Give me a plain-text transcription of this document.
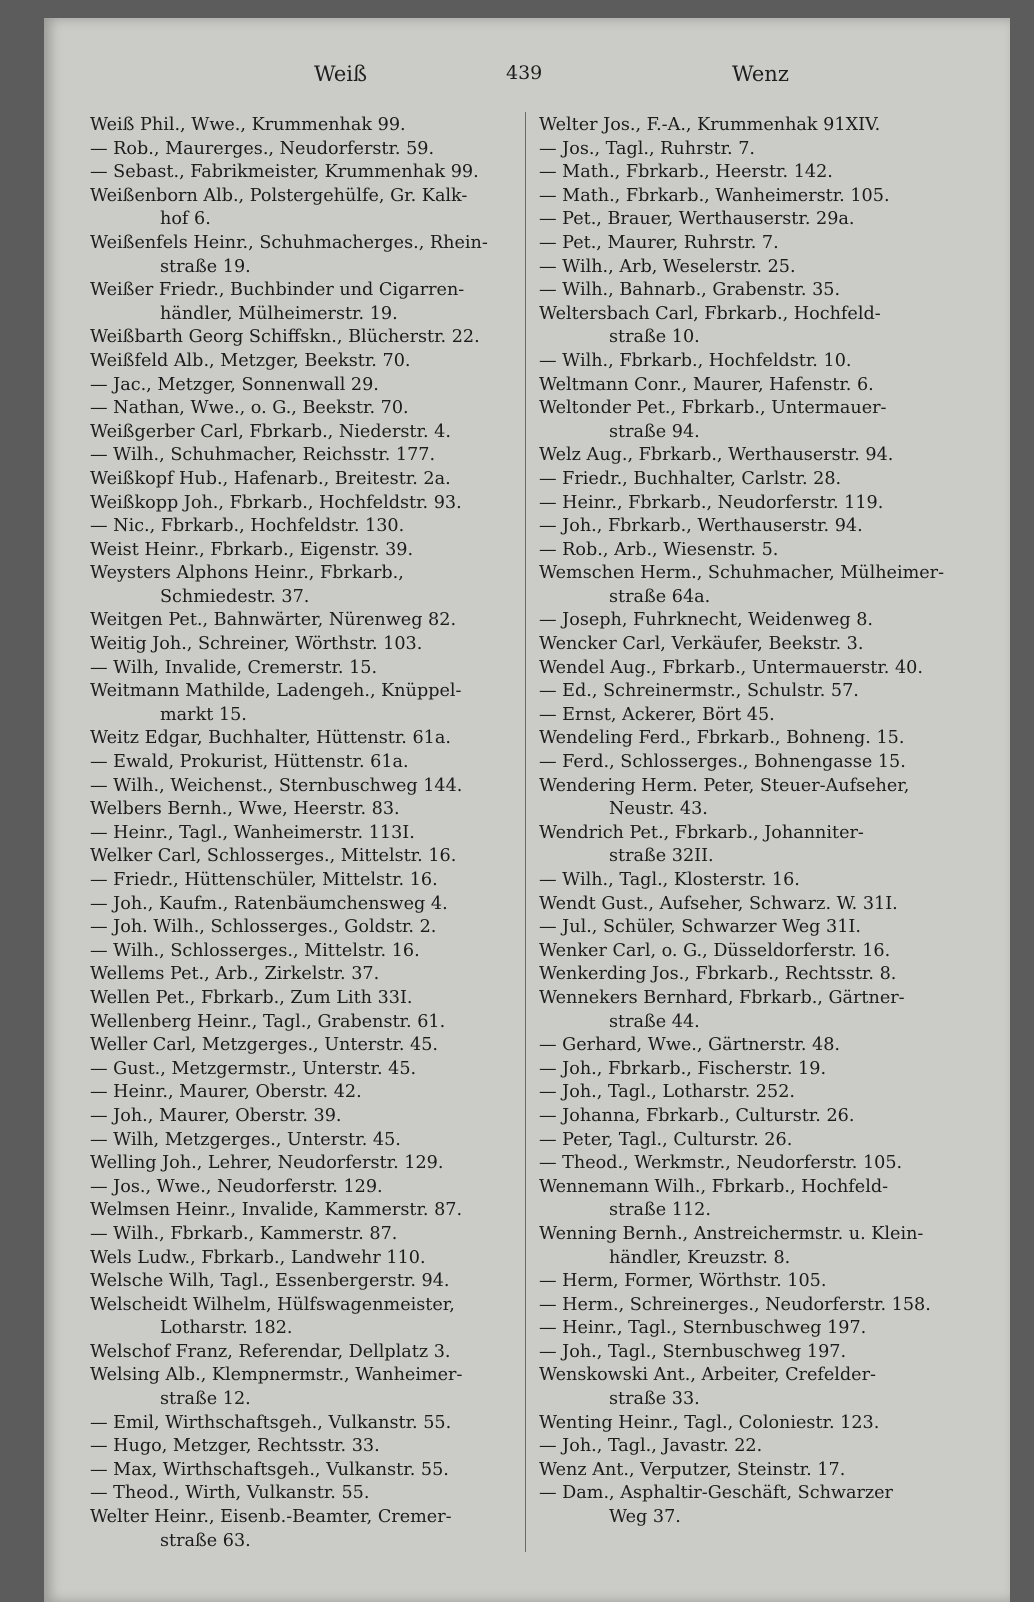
Weiß	439	Wenz
Weiß Phil., Wwe., Krummenhak 99.
— Rob., Maurerges., Neudorferstr. 59.
— Sebast., Fabrikmeister, Krummenhak 99.
Weißenborn Alb., Polstergehülfe, Gr. Kalk-
hof 6.
Weißenfels Heinr., Schuhmacherges., Rhein-
straße 19.
Weißer Friedr., Buchbinder und Cigarren-
händler, Mülheimerstr. 19.
Weißbarth Georg Schiffskn., Blücherstr. 22.
Weißfeld Alb., Metzger, Beekstr. 70.
— Jac., Metzger, Sonnenwall 29.
— Nathan, Wwe., o. G., Beekstr. 70.
Weißgerber Carl, Fbrkarb., Niederstr. 4.
— Wilh., Schuhmacher, Reichsstr. 177.
Weißkopf Hub., Hafenarb., Breitestr. 2a.
Weißkopp Joh., Fbrkarb., Hochfeldstr. 93.
— Nic., Fbrkarb., Hochfeldstr. 130.
Weist Heinr., Fbrkarb., Eigenstr. 39.
Weysters Alphons Heinr., Fbrkarb.,
Schmiedestr. 37.
Weitgen Pet., Bahnwärter, Nürenweg 82.
Weitig Joh., Schreiner, Wörthstr. 103.
— Wilh, Invalide, Cremerstr. 15.
Weitmann Mathilde, Ladengeh., Knüppel-
markt 15.
Weitz Edgar, Buchhalter, Hüttenstr. 61a.
— Ewald, Prokurist, Hüttenstr. 61a.
— Wilh., Weichenst., Sternbuschweg 144.
Welbers Bernh., Wwe, Heerstr. 83.
— Heinr., Tagl., Wanheimerstr. 113I.
Welker Carl, Schlosserges., Mittelstr. 16.
— Friedr., Hüttenschüler, Mittelstr. 16.
— Joh., Kaufm., Ratenbäumchensweg 4.
— Joh. Wilh., Schlosserges., Goldstr. 2.
— Wilh., Schlosserges., Mittelstr. 16.
Wellems Pet., Arb., Zirkelstr. 37.
Wellen Pet., Fbrkarb., Zum Lith 33I.
Wellenberg Heinr., Tagl., Grabenstr. 61.
Weller Carl, Metzgerges., Unterstr. 45.
— Gust., Metzgermstr., Unterstr. 45.
— Heinr., Maurer, Oberstr. 42.
— Joh., Maurer, Oberstr. 39.
— Wilh, Metzgerges., Unterstr. 45.
Welling Joh., Lehrer, Neudorferstr. 129.
— Jos., Wwe., Neudorferstr. 129.
Welmsen Heinr., Invalide, Kammerstr. 87.
— Wilh., Fbrkarb., Kammerstr. 87.
Wels Ludw., Fbrkarb., Landwehr 110.
Welsche Wilh, Tagl., Essenbergerstr. 94.
Welscheidt Wilhelm, Hülfswagenmeister,
Lotharstr. 182.
Welschof Franz, Referendar, Dellplatz 3.
Welsing Alb., Klempnermstr., Wanheimer-
straße 12.
— Emil, Wirthschaftsgeh., Vulkanstr. 55.
— Hugo, Metzger, Rechtsstr. 33.
— Max, Wirthschaftsgeh., Vulkanstr. 55.
— Theod., Wirth, Vulkanstr. 55.
Welter Heinr., Eisenb.-Beamter, Cremer-
straße 63.
Welter Jos., F.-A., Krummenhak 91XIV.
— Jos., Tagl., Ruhrstr. 7.
— Math., Fbrkarb., Heerstr. 142.
— Math., Fbrkarb., Wanheimerstr. 105.
— Pet., Brauer, Werthauserstr. 29a.
— Pet., Maurer, Ruhrstr. 7.
— Wilh., Arb, Weselerstr. 25.
— Wilh., Bahnarb., Grabenstr. 35.
Weltersbach Carl, Fbrkarb., Hochfeld-
straße 10.
— Wilh., Fbrkarb., Hochfeldstr. 10.
Weltmann Conr., Maurer, Hafenstr. 6.
Weltonder Pet., Fbrkarb., Untermauer-
straße 94.
Welz Aug., Fbrkarb., Werthauserstr. 94.
— Friedr., Buchhalter, Carlstr. 28.
— Heinr., Fbrkarb., Neudorferstr. 119.
— Joh., Fbrkarb., Werthauserstr. 94.
— Rob., Arb., Wiesenstr. 5.
Wemschen Herm., Schuhmacher, Mülheimer-
straße 64a.
— Joseph, Fuhrknecht, Weidenweg 8.
Wencker Carl, Verkäufer, Beekstr. 3.
Wendel Aug., Fbrkarb., Untermauerstr. 40.
— Ed., Schreinermstr., Schulstr. 57.
— Ernst, Ackerer, Bört 45.
Wendeling Ferd., Fbrkarb., Bohneng. 15.
— Ferd., Schlosserges., Bohnengasse 15.
Wendering Herm. Peter, Steuer-Aufseher,
Neustr. 43.
Wendrich Pet., Fbrkarb., Johanniter-
straße 32II.
— Wilh., Tagl., Klosterstr. 16.
Wendt Gust., Aufseher, Schwarz. W. 31I.
— Jul., Schüler, Schwarzer Weg 31I.
Wenker Carl, o. G., Düsseldorferstr. 16.
Wenkerding Jos., Fbrkarb., Rechtsstr. 8.
Wennekers Bernhard, Fbrkarb., Gärtner-
straße 44.
— Gerhard, Wwe., Gärtnerstr. 48.
— Joh., Fbrkarb., Fischerstr. 19.
— Joh., Tagl., Lotharstr. 252.
— Johanna, Fbrkarb., Culturstr. 26.
— Peter, Tagl., Culturstr. 26.
— Theod., Werkmstr., Neudorferstr. 105.
Wennemann Wilh., Fbrkarb., Hochfeld-
straße 112.
Wenning Bernh., Anstreichermstr. u. Klein-
händler, Kreuzstr. 8.
— Herm, Former, Wörthstr. 105.
— Herm., Schreinerges., Neudorferstr. 158.
— Heinr., Tagl., Sternbuschweg 197.
— Joh., Tagl., Sternbuschweg 197.
Wenskowski Ant., Arbeiter, Crefelder-
straße 33.
Wenting Heinr., Tagl., Coloniestr. 123.
— Joh., Tagl., Javastr. 22.
Wenz Ant., Verputzer, Steinstr. 17.
— Dam., Asphaltir-Geschäft, Schwarzer
Weg 37.
